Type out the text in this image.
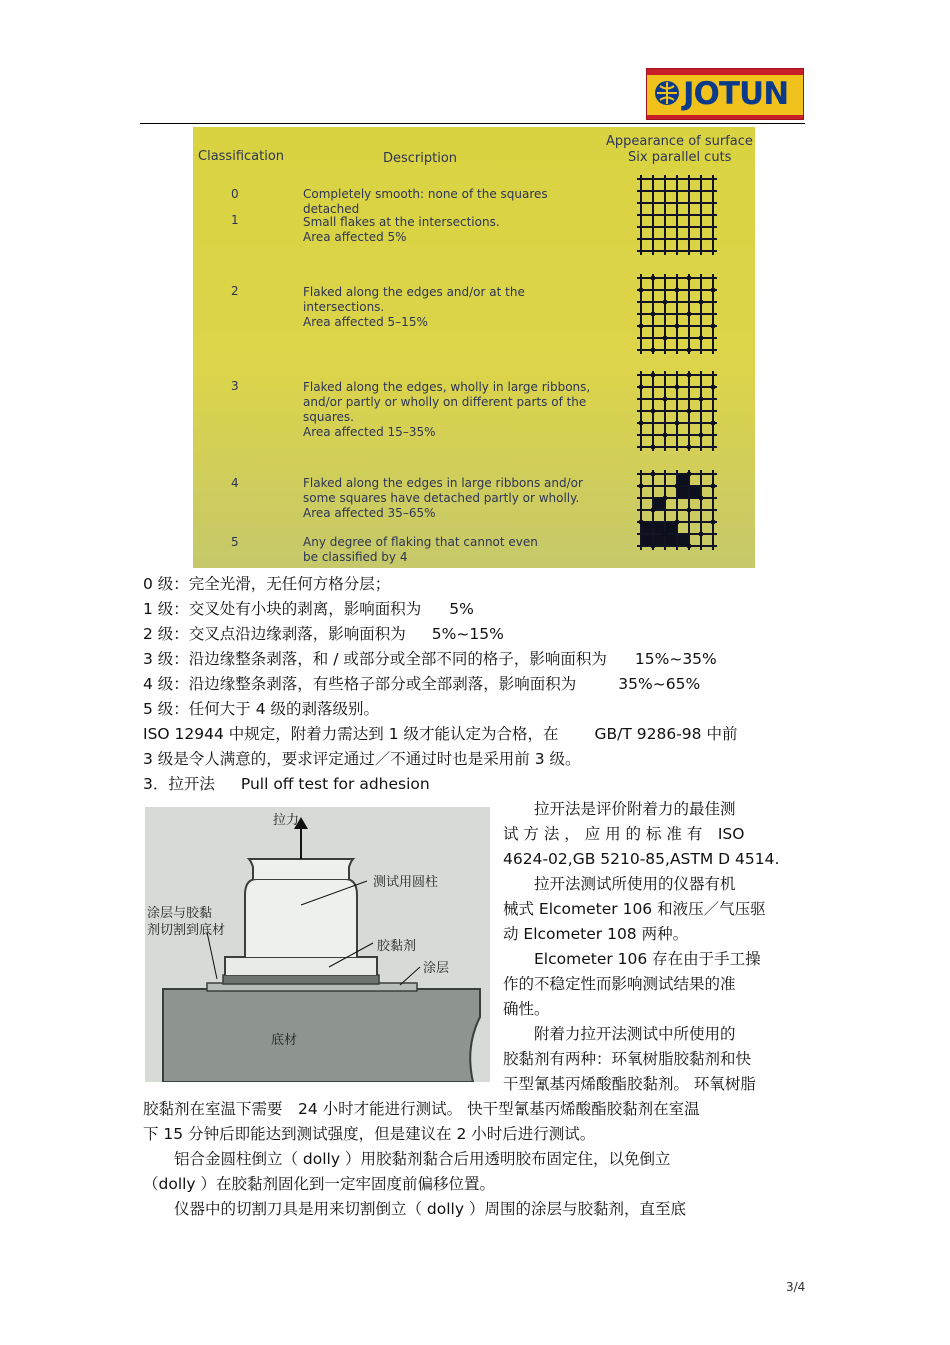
JOTUN
Classification	Description
Appearance of surface
Six parallel cuts
0	Completely smooth: none of the squares detached
1	Small flakes at the intersections.
Area affected 5%
2	Flaked along the edges and/or at the
intersections.
Area affected 5–15%
3	Flaked along the edges, wholly in large ribbons,
and/or partly or wholly on different parts of the
squares.
Area affected 15–35%
4	Flaked along the edges in large ribbons and/or
some squares have detached partly or wholly.
Area affected 35–65%
5	Any degree of flaking that cannot even
be classified by 4
0 级：完全光滑，无任何方格分层；
1 级：交叉处有小块的剥离，影响面积为 5%
2 级：交叉点沿边缘剥落，影响面积为 5%~15%
3 级：沿边缘整条剥落，和 / 或部分或全部不同的格子，影响面积为 15%~35%
4 级：沿边缘整条剥落，有些格子部分或全部剥落，影响面积为	35%~65%
5 级：任何大于 4 级的剥落级别。
ISO 12944 中规定，附着力需达到 1 级才能认定为合格，在 GB/T 9286-98 中前
3 级是令人满意的，要求评定通过／不通过时也是采用前 3 级。
3．拉开法 Pull off test for adhesion
拉力
测试用圆柱
涂层与胶黏
剂切割到底材
胶黏剂
涂层
底材
　　拉开法是评价附着力的最佳测
试 方 法 ， 应 用 的 标 准 有　ISO
4624-02,GB 5210-85,ASTM D 4514.
　　拉开法测试所使用的仪器有机
械式 Elcometer 106 和液压／气压驱
动 Elcometer 108 两种。
　　Elcometer 106 存在由于手工操
作的不稳定性而影响测试结果的准
确性。
　　附着力拉开法测试中所使用的
胶黏剂有两种：环氧树脂胶黏剂和快
干型氰基丙烯酸酯胶黏剂。 环氧树脂
胶黏剂在室温下需要　24 小时才能进行测试。 快干型氰基丙烯酸酯胶黏剂在室温
下 15 分钟后即能达到测试强度，但是建议在 2 小时后进行测试。
　　铝合金圆柱倒立（ dolly ）用胶黏剂黏合后用透明胶布固定住，以免倒立
（dolly ）在胶黏剂固化到一定牢固度前偏移位置。
　　仪器中的切割刀具是用来切割倒立（ dolly ）周围的涂层与胶黏剂，直至底
3/4
